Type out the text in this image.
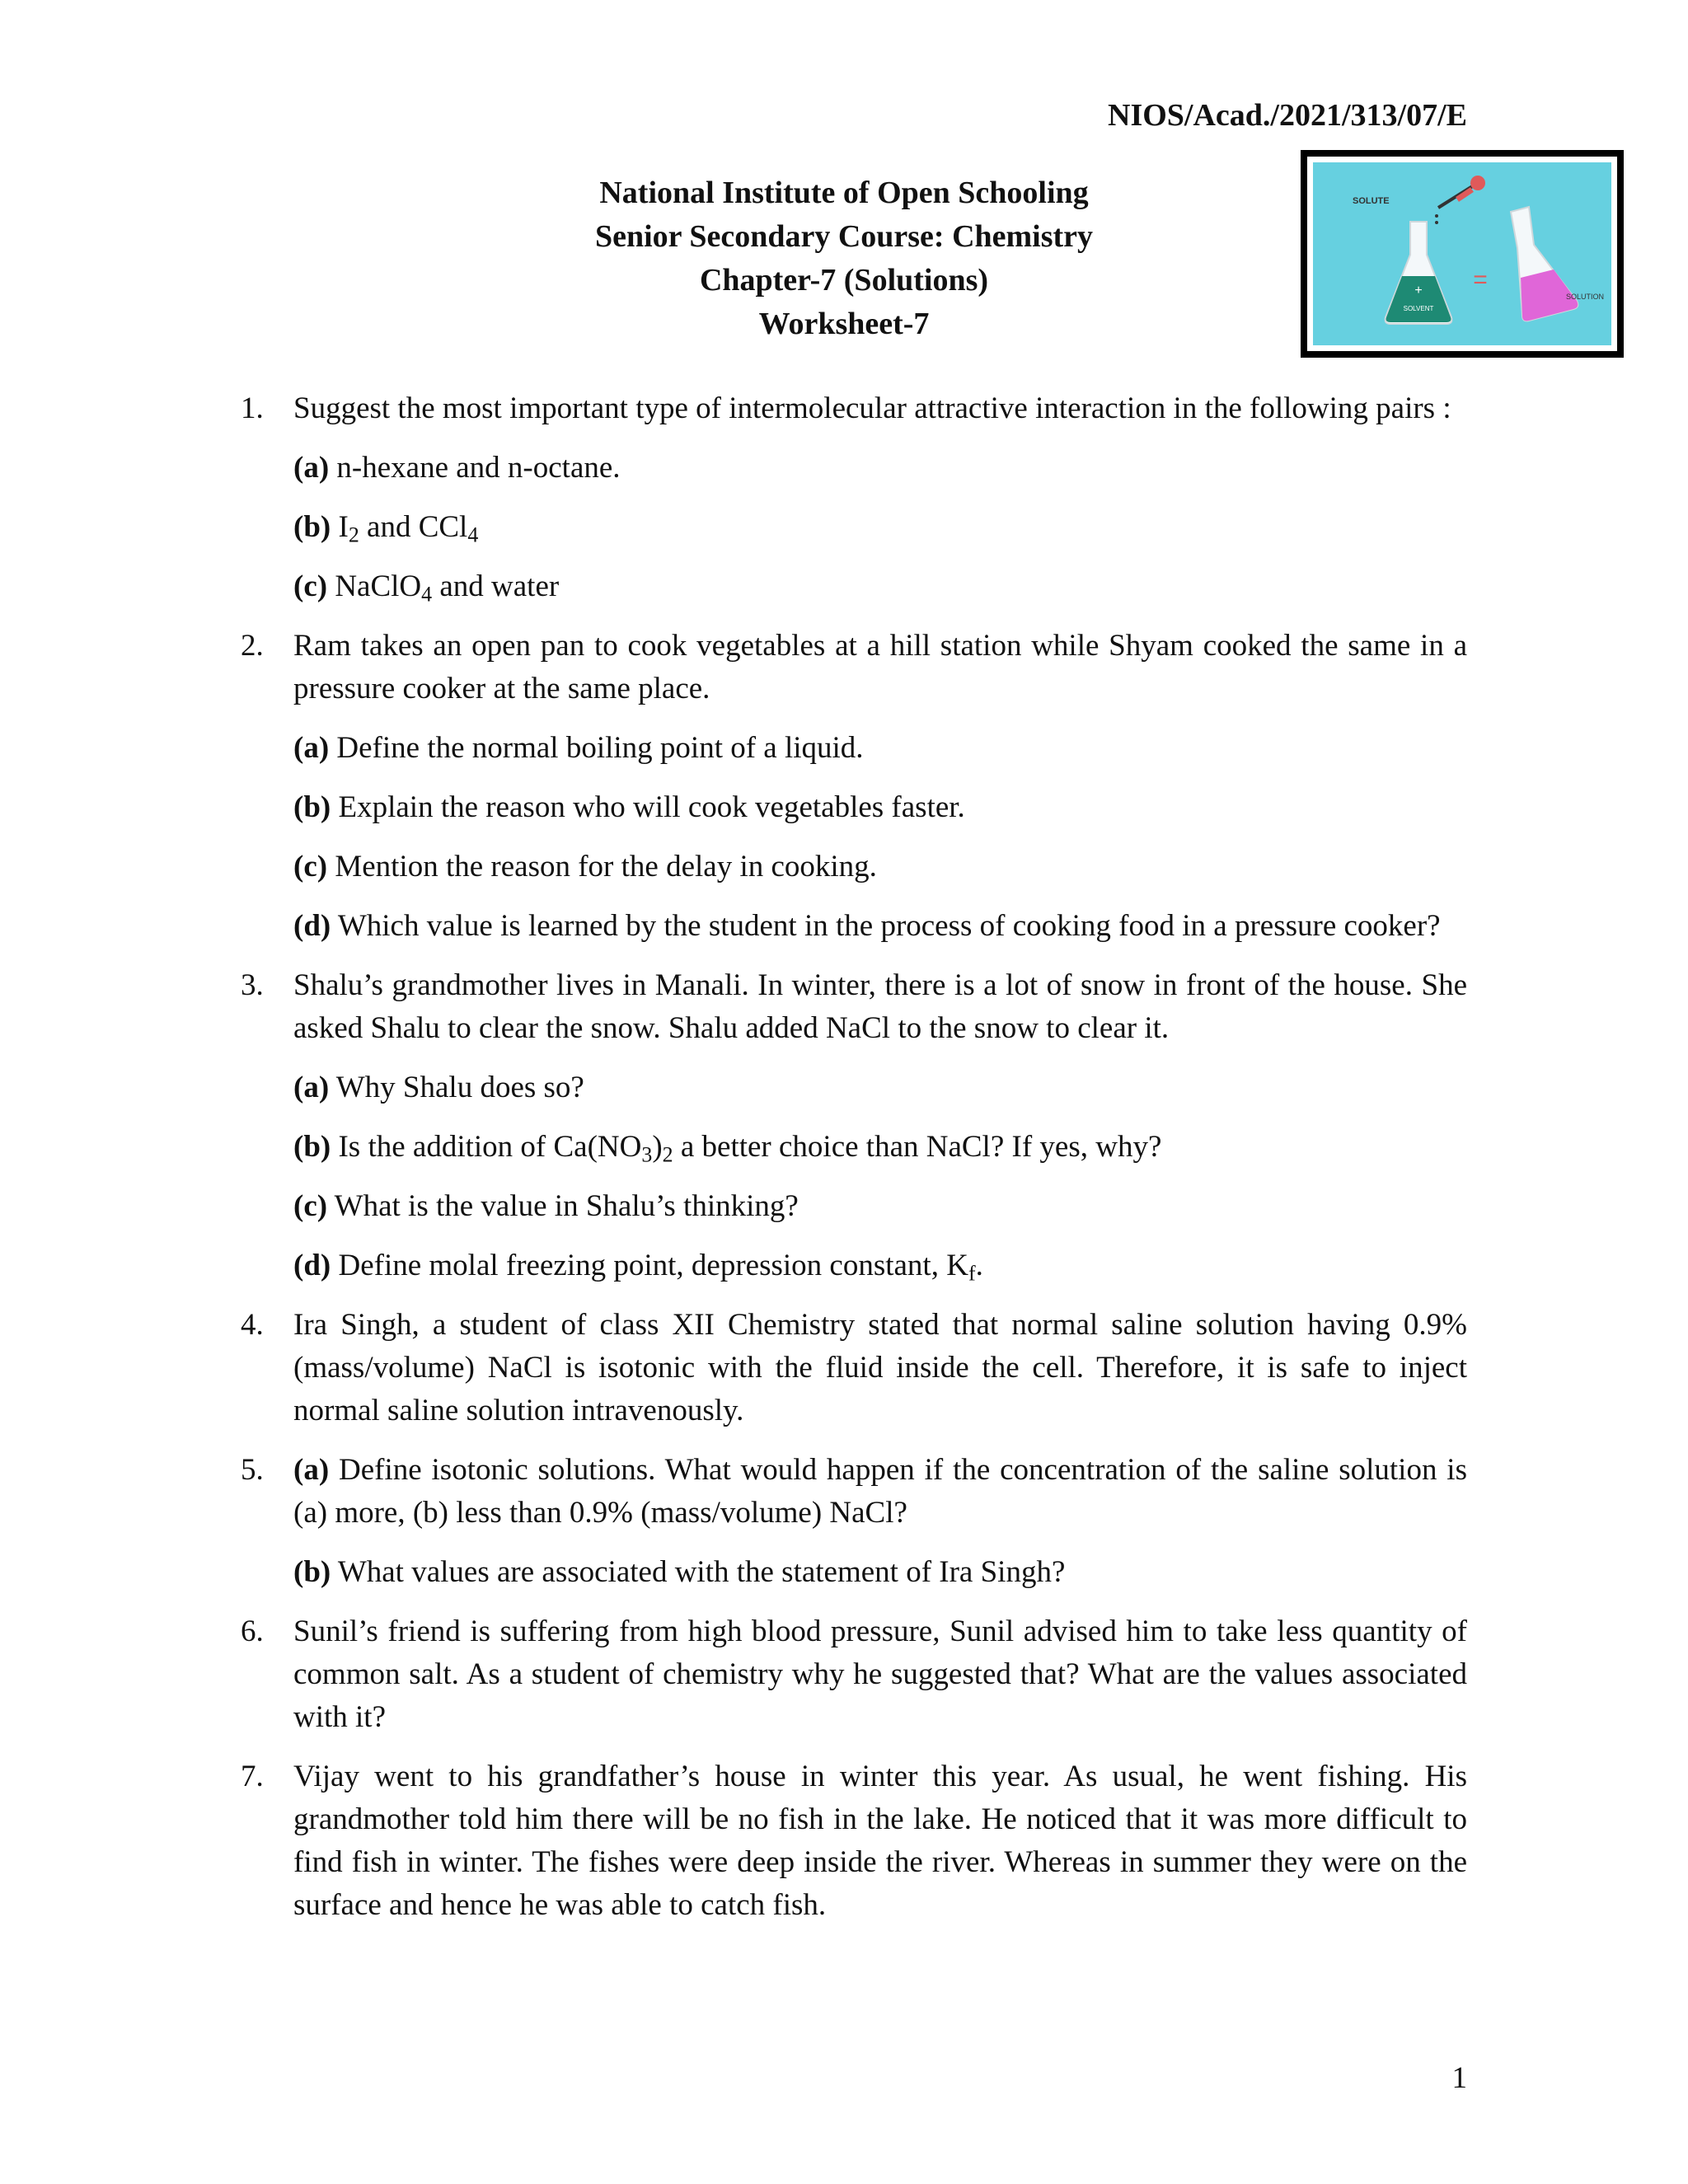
NIOS/Acad./2021/313/07/E
National Institute of Open Schooling
Senior Secondary Course: Chemistry
Chapter-7 (Solutions)
Worksheet-7
SOLUTE
+
SOLVENT
=
SOLUTION
1. Suggest the most important type of intermolecular attractive interaction in the following pairs :

(a) n-hexane and n-octane.
(b) $I_2$ and CCl$_4$
(c) NaClO$_4$ and water
2. Ram takes an open pan to cook vegetables at a hill station while Shyam cooked the same in a pressure cooker at the same place.

(a) Define the normal boiling point of a liquid.
(b) Explain the reason who will cook vegetables faster.
(c) Mention the reason for the delay in cooking.
(d) Which value is learned by the student in the process of cooking food in a pressure cooker?
3. Shalu’s grandmother lives in Manali. In winter, there is a lot of snow in front of the house. She asked Shalu to clear the snow. Shalu added NaCl to the snow to clear it.

(a) Why Shalu does so?
(b) Is the addition of $Ca(NO_3)_2$ a better choice than NaCl? If yes, why?
(c) What is the value in Shalu’s thinking?
(d) Define molal freezing point, depression constant, $K_f$.
4. Ira Singh, a student of class XII Chemistry stated that normal saline solution having 0.9% (mass/volume) NaCl is isotonic with the fluid inside the cell. Therefore, it is safe to inject normal saline solution intravenously.

5. (a) Define isotonic solutions. What would happen if the concentration of the saline solution is (a) more, (b) less than 0.9% (mass/volume) NaCl?

(b) What values are associated with the statement of Ira Singh?
6. Sunil’s friend is suffering from high blood pressure, Sunil advised him to take less quantity of common salt. As a student of chemistry why he suggested that? What are the values associated with it?

7. Vijay went to his grandfather’s house in winter this year. As usual, he went fishing. His grandmother told him there will be no fish in the lake. He noticed that it was more difficult to find fish in winter. The fishes were deep inside the river. Whereas in summer they were on the surface and hence he was able to catch fish.

1
